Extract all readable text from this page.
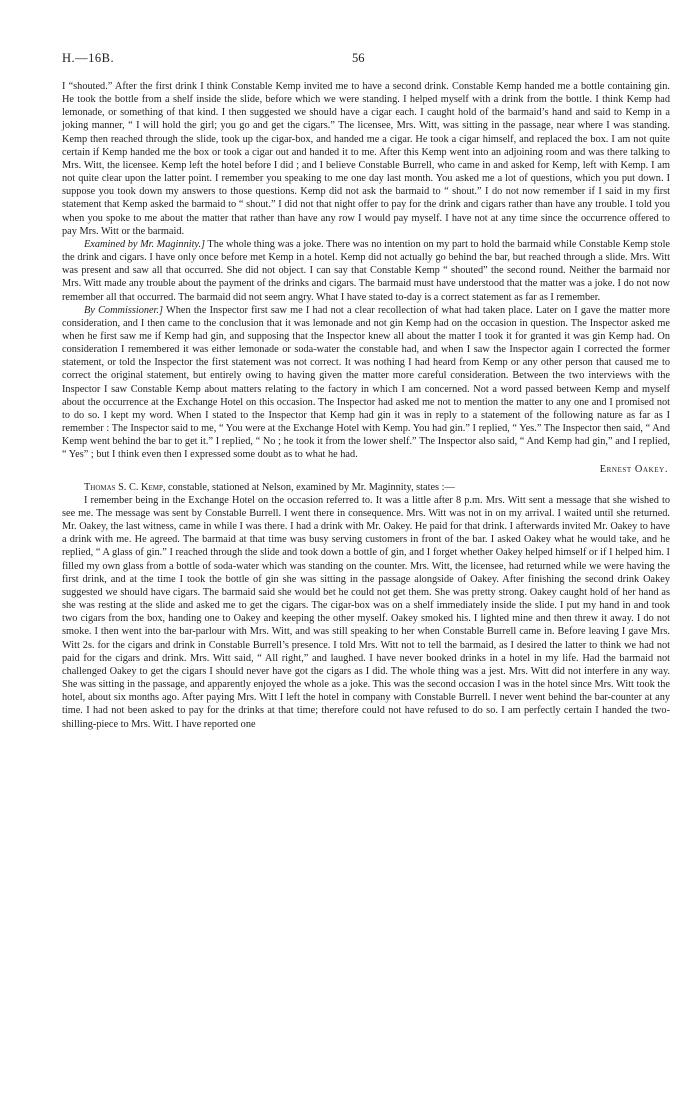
H.—16B.	56

I “shouted.” After the first drink I think Constable Kemp invited me to have a second drink. Constable Kemp handed me a bottle containing gin. He took the bottle from a shelf inside the slide, before which we were standing. I helped myself with a drink from the bottle. I think Kemp had lemonade, or something of that kind. I then suggested we should have a cigar each. I caught hold of the barmaid’s hand and said to Kemp in a joking manner, “ I will hold the girl; you go and get the cigars.” The licensee, Mrs. Witt, was sitting in the passage, near where I was standing. Kemp then reached through the slide, took up the cigar-box, and handed me a cigar. He took a cigar himself, and replaced the box. I am not quite certain if Kemp handed me the box or took a cigar out and handed it to me. After this Kemp went into an adjoining room and was there talking to Mrs. Witt, the licensee. Kemp left the hotel before I did ; and I believe Constable Burrell, who came in and asked for Kemp, left with Kemp. I am not quite clear upon the latter point. I remember you speaking to me one day last month. You asked me a lot of questions, which you put down. I suppose you took down my answers to those questions. Kemp did not ask the barmaid to “ shout.” I do not now remember if I said in my first statement that Kemp asked the barmaid to “ shout.” I did not that night offer to pay for the drink and cigars rather than have any trouble. I told you when you spoke to me about the matter that rather than have any row I would pay myself. I have not at any time since the occurrence offered to pay Mrs. Witt or the barmaid.

Examined by Mr. Maginnity.] The whole thing was a joke. There was no intention on my part to hold the barmaid while Constable Kemp stole the drink and cigars. I have only once before met Kemp in a hotel. Kemp did not actually go behind the bar, but reached through a slide. Mrs. Witt was present and saw all that occurred. She did not object. I can say that Constable Kemp “ shouted” the second round. Neither the barmaid nor Mrs. Witt made any trouble about the payment of the drinks and cigars. The barmaid must have understood that the matter was a joke. I do not now remember all that occurred. The barmaid did not seem angry. What I have stated to-day is a correct statement as far as I remember.

By Commissioner.] When the Inspector first saw me I had not a clear recollection of what had taken place. Later on I gave the matter more consideration, and I then came to the conclusion that it was lemonade and not gin Kemp had on the occasion in question. The Inspector asked me when he first saw me if Kemp had gin, and supposing that the Inspector knew all about the matter I took it for granted it was gin Kemp had. On consideration I remembered it was either lemonade or soda-water the constable had, and when I saw the Inspector again I corrected the former statement, or told the Inspector the first statement was not correct. It was nothing I had heard from Kemp or any other person that caused me to correct the original statement, but entirely owing to having given the matter more careful consideration. Between the two interviews with the Inspector I saw Constable Kemp about matters relating to the factory in which I am concerned. Not a word passed between Kemp and myself about the occurrence at the Exchange Hotel on this occasion. The Inspector had asked me not to mention the matter to any one and I promised not to do so. I kept my word. When I stated to the Inspector that Kemp had gin it was in reply to a statement of the following nature as far as I remember : The Inspector said to me, “ You were at the Exchange Hotel with Kemp. You had gin.” I replied, “ Yes.” The Inspector then said, “ And Kemp went behind the bar to get it.” I replied, “ No ; he took it from the lower shelf.” The Inspector also said, “ And Kemp had gin,” and I replied, “ Yes” ; but I think even then I expressed some doubt as to what he had.

Ernest Oakey.

Thomas S. C. Kemp, constable, stationed at Nelson, examined by Mr. Maginnity, states :—

I remember being in the Exchange Hotel on the occasion referred to. It was a little after 8 p.m. Mrs. Witt sent a message that she wished to see me. The message was sent by Constable Burrell. I went there in consequence. Mrs. Witt was not in on my arrival. I waited until she returned. Mr. Oakey, the last witness, came in while I was there. I had a drink with Mr. Oakey. He paid for that drink. I afterwards invited Mr. Oakey to have a drink with me. He agreed. The barmaid at that time was busy serving customers in front of the bar. I asked Oakey what he would take, and he replied, “ A glass of gin.” I reached through the slide and took down a bottle of gin, and I forget whether Oakey helped himself or if I helped him. I filled my own glass from a bottle of soda-water which was standing on the counter. Mrs. Witt, the licensee, had returned while we were having the first drink, and at the time I took the bottle of gin she was sitting in the passage alongside of Oakey. After finishing the second drink Oakey suggested we should have cigars. The barmaid said she would bet he could not get them. She was pretty strong. Oakey caught hold of her hand as she was resting at the slide and asked me to get the cigars. The cigar-box was on a shelf immediately inside the slide. I put my hand in and took two cigars from the box, handing one to Oakey and keeping the other myself. Oakey smoked his. I lighted mine and then threw it away. I do not smoke. I then went into the bar-parlour with Mrs. Witt, and was still speaking to her when Constable Burrell came in. Before leaving I gave Mrs. Witt 2s. for the cigars and drink in Constable Burrell’s presence. I told Mrs. Witt not to tell the barmaid, as I desired the latter to think we had not paid for the cigars and drink. Mrs. Witt said, “ All right,” and laughed. I have never booked drinks in a hotel in my life. Had the barmaid not challenged Oakey to get the cigars I should never have got the cigars as I did. The whole thing was a jest. Mrs. Witt did not interfere in any way. She was sitting in the passage, and apparently enjoyed the whole as a joke. This was the second occasion I was in the hotel since Mrs. Witt took the hotel, about six months ago. After paying Mrs. Witt I left the hotel in company with Constable Burrell. I never went behind the bar-counter at any time. I had not been asked to pay for the drinks at that time; therefore could not have refused to do so. I am perfectly certain I handed the two-shilling-piece to Mrs. Witt. I have reported one
